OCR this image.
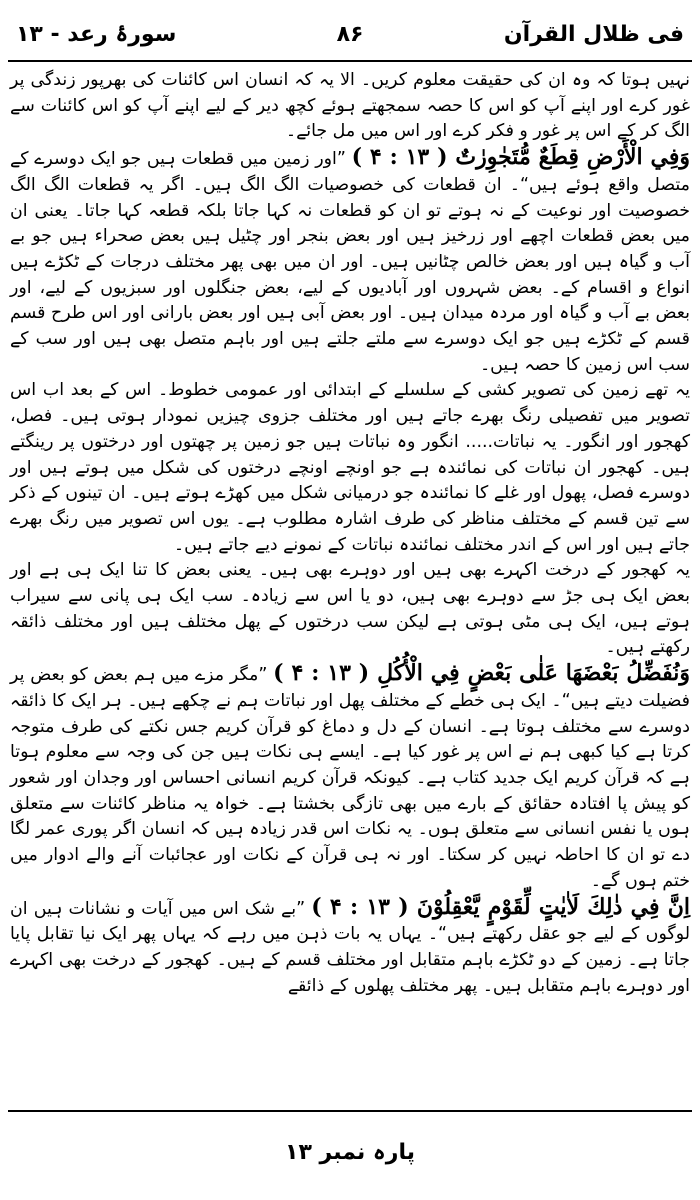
فی ظلال القرآن
۸۶
سورۂ رعد - ۱۳

نہیں ہوتا کہ وہ ان کی حقیقت معلوم کریں۔ الا یہ کہ انسان اس کائنات کی بھرپور زندگی پر غور کرے اور اپنے آپ کو اس کا حصہ سمجھتے ہوئے کچھ دیر کے لیے اپنے آپ کو اس کائنات سے الگ کر کے اس پر غور و فکر کرے اور اس میں مل جائے۔

وَفِي الْأَرْضِ قِطَعٌ مُّتَجٰوِرٰتٌ ( ۱۳ : ۴ ) ”اور زمین میں قطعات ہیں جو ایک دوسرے کے متصل واقع ہوئے ہیں“۔ ان قطعات کی خصوصیات الگ الگ ہیں۔ اگر یہ قطعات الگ الگ خصوصیت اور نوعیت کے نہ ہوتے تو ان کو قطعات نہ کہا جاتا بلکہ قطعہ کہا جاتا۔ یعنی ان میں بعض قطعات اچھے اور زرخیز ہیں اور بعض بنجر اور چٹیل ہیں بعض صحراء ہیں جو بے آب و گیاہ ہیں اور بعض خالص چٹانیں ہیں۔ اور ان میں بھی پھر مختلف درجات کے ٹکڑے ہیں انواع و اقسام کے۔ بعض شہروں اور آبادیوں کے لیے، بعض جنگلوں اور سبزیوں کے لیے، اور بعض بے آب و گیاہ اور مردہ میدان ہیں۔ اور بعض آبی ہیں اور بعض بارانی اور اس طرح قسم قسم کے ٹکڑے ہیں جو ایک دوسرے سے ملتے جلتے ہیں اور باہم متصل بھی ہیں اور سب کے سب اس زمین کا حصہ ہیں۔

یہ تھے زمین کی تصویر کشی کے سلسلے کے ابتدائی اور عمومی خطوط۔ اس کے بعد اب اس تصویر میں تفصیلی رنگ بھرے جاتے ہیں اور مختلف جزوی چیزیں نمودار ہوتی ہیں۔ فصل، کھجور اور انگور۔ یہ نباتات..... انگور وہ نباتات ہیں جو زمین پر چھتوں اور درختوں پر رینگتے ہیں۔ کھجور ان نباتات کی نمائندہ ہے جو اونچے اونچے درختوں کی شکل میں ہوتے ہیں اور دوسرے فصل، پھول اور غلے کا نمائندہ جو درمیانی شکل میں کھڑے ہوتے ہیں۔ ان تینوں کے ذکر سے تین قسم کے مختلف مناظر کی طرف اشارہ مطلوب ہے۔ یوں اس تصویر میں رنگ بھرے جاتے ہیں اور اس کے اندر مختلف نمائندہ نباتات کے نمونے دیے جاتے ہیں۔

یہ کھجور کے درخت اکہرے بھی ہیں اور دوہرے بھی ہیں۔ یعنی بعض کا تنا ایک ہی ہے اور بعض ایک ہی جڑ سے دوہرے بھی ہیں، دو یا اس سے زیادہ۔ سب ایک ہی پانی سے سیراب ہوتے ہیں، ایک ہی مٹی ہوتی ہے لیکن سب درختوں کے پھل مختلف ہیں اور مختلف ذائقہ رکھتے ہیں۔

وَنُفَضِّلُ بَعْضَهَا عَلٰى بَعْضٍ فِي الْأُكُلِ ( ۱۳ : ۴ ) ”مگر مزے میں ہم بعض کو بعض پر فضیلت دیتے ہیں“۔ ایک ہی خطے کے مختلف پھل اور نباتات ہم نے چکھے ہیں۔ ہر ایک کا ذائقہ دوسرے سے مختلف ہوتا ہے۔ انسان کے دل و دماغ کو قرآن کریم جس نکتے کی طرف متوجہ کرتا ہے کیا کبھی ہم نے اس پر غور کیا ہے۔ ایسے ہی نکات ہیں جن کی وجہ سے معلوم ہوتا ہے کہ قرآن کریم ایک جدید کتاب ہے۔ کیونکہ قرآن کریم انسانی احساس اور وجدان اور شعور کو پیش پا افتادہ حقائق کے بارے میں بھی تازگی بخشتا ہے۔ خواہ یہ مناظر کائنات سے متعلق ہوں یا نفس انسانی سے متعلق ہوں۔ یہ نکات اس قدر زیادہ ہیں کہ انسان اگر پوری عمر لگا دے تو ان کا احاطہ نہیں کر سکتا۔ اور نہ ہی قرآن کے نکات اور عجائبات آنے والے ادوار میں ختم ہوں گے۔

اِنَّ فِي ذٰلِكَ لَاٰيٰتٍ لِّقَوْمٍ يَّعْقِلُوْنَ ( ۱۳ : ۴ ) ”بے شک اس میں آیات و نشانات ہیں ان لوگوں کے لیے جو عقل رکھتے ہیں“۔ یہاں یہ بات ذہن میں رہے کہ یہاں پھر ایک نیا تقابل پایا جاتا ہے۔ زمین کے دو ٹکڑے باہم متقابل اور مختلف قسم کے ہیں۔ کھجور کے درخت بھی اکہرے اور دوہرے باہم متقابل ہیں۔ پھر مختلف پھلوں کے ذائقے

پارہ نمبر ۱۳
